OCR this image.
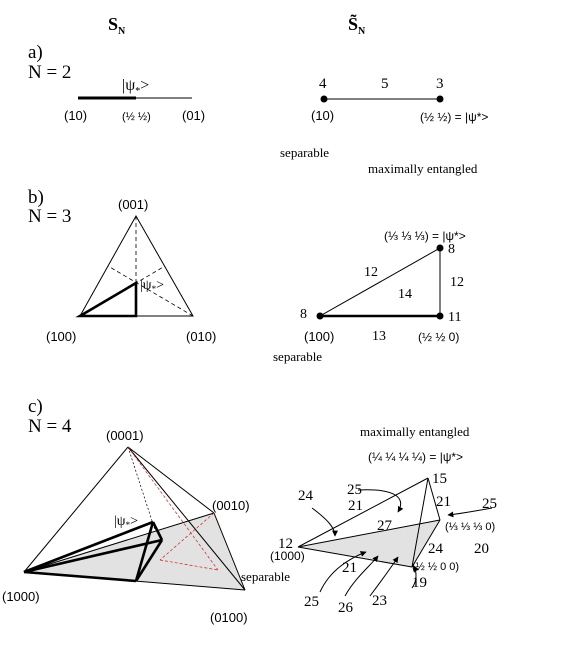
$S_N$	$S̃_N$
a)
N = 2
$|\psi_*>$
(10)	(½ ½) (01)
4	5	3
(10)	(½ ½) = |ψ*>
separable
maximally entangled
b)
N = 3
(001)
$|\psi_*>$
(100)	(010)
(⅓ ⅓ ⅓) = |ψ*>
8
12
12
14
8	11
13
(100)	(½ ½ 0)
separable
c)
N = 4	(0001)
$|\psi_*>$
(0010)
(1000)
(0100)
maximally entangled
(¼ ¼ ¼ ¼) = |ψ*>
25
15
24
21	21 25
27
12	24 20
21
19
25 26 23
(1000)
(⅓ ⅓ ⅓ 0)
(½ ½ 0 0)
separable
